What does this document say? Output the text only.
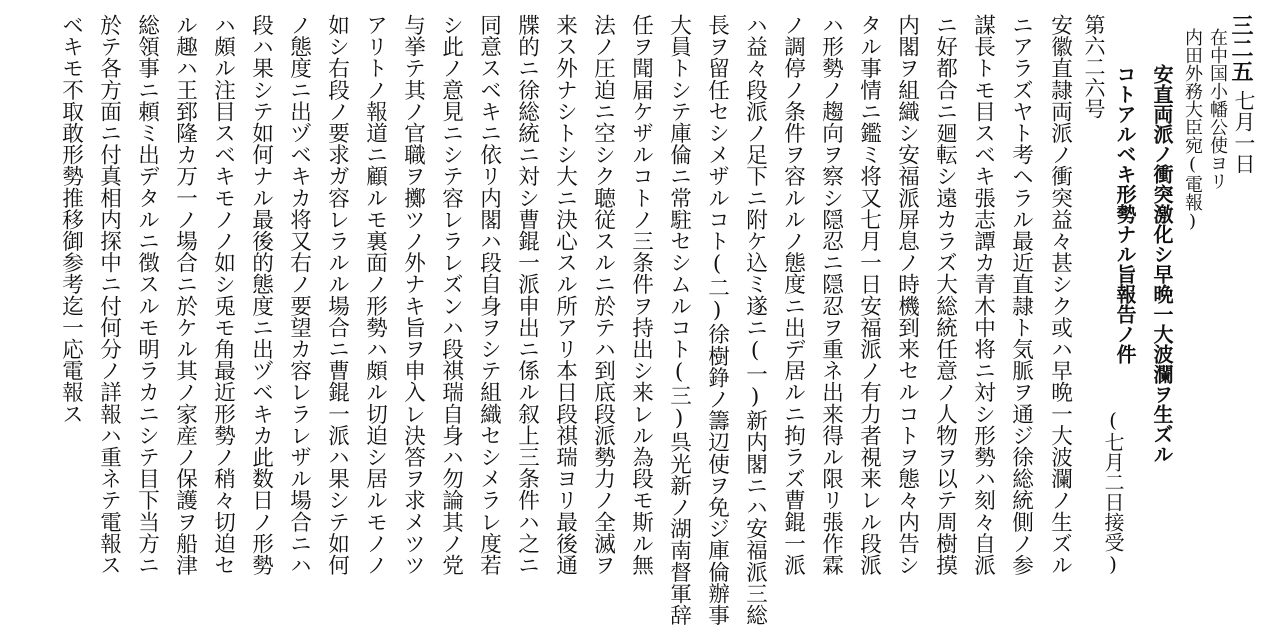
三二五
七月一日
在中国小幡公使ヨリ
内田外務大臣宛(電報)
安直両派ノ衝突激化シ早晩一大波瀾ヲ生ズル
コトアルベキ形勢ナル旨報告ノ件
(七月二日接受)
第六二六号
安徽直隷両派ノ衝突益々甚シク或ハ早晩一大波瀾ノ生ズル
ニアラズヤト考ヘラル最近直隷ト気脈ヲ通ジ徐総統側ノ参
謀長トモ目スベキ張志譚カ青木中将ニ対シ形勢ハ刻々自派
ニ好都合ニ廻転シ遠カラズ大総統任意ノ人物ヲ以テ周樹摸
内閣ヲ組織シ安福派屏息ノ時機到来セルコトヲ態々内告シ
タル事情ニ鑑ミ将又七月一日安福派ノ有力者視来レル段派
ハ形勢ノ趨向ヲ察シ隠忍ニ隠忍ヲ重ネ出来得ル限リ張作霖
ノ調停ノ条件ヲ容ルルノ態度ニ出デ居ルニ拘ラズ曹錕一派
ハ益々段派ノ足下ニ附ケ込ミ遂ニ(一)新内閣ニハ安福派三総
長ヲ留任セシメザルコト(二)徐樹錚ノ籌辺使ヲ免ジ庫倫辦事
大員トシテ庫倫ニ常駐セシムルコト(三)呉光新ノ湖南督軍辞
任ヲ聞届ケザルコトノ三条件ヲ持出シ来レル為段モ斯ル無
法ノ圧迫ニ空シク聴従スルニ於テハ到底段派勢力ノ全滅ヲ
来ス外ナシトシ大ニ決心スル所アリ本日段祺瑞ヨリ最後通
牒的ニ徐総統ニ対シ曹錕一派申出ニ係ル叙上三条件ハ之ニ
同意スベキニ依リ内閣ハ段自身ヲシテ組織セシメラレ度若
シ此ノ意見ニシテ容レラレズンハ段祺瑞自身ハ勿論其ノ党
与挙テ其ノ官職ヲ擲ツノ外ナキ旨ヲ申入レ決答ヲ求メツツ
アリトノ報道ニ顧ルモ裏面ノ形勢ハ頗ル切迫シ居ルモノノ
如シ右段ノ要求ガ容レラルル場合ニ曹錕一派ハ果シテ如何
ノ態度ニ出ヅベキカ将又右ノ要望カ容レラレザル場合ニハ
段ハ果シテ如何ナル最後的態度ニ出ヅベキカ此数日ノ形勢
ハ頗ル注目スベキモノノ如シ兎モ角最近形勢ノ稍々切迫セ
ル趣ハ王郅隆カ万一ノ場合ニ於ケル其ノ家産ノ保護ヲ船津
総領事ニ頼ミ出デタルニ徴スルモ明ラカニシテ目下当方ニ
於テ各方面ニ付真相内探中ニ付何分ノ詳報ハ重ネテ電報ス
ベキモ不取敢形勢推移御参考迄一応電報ス
